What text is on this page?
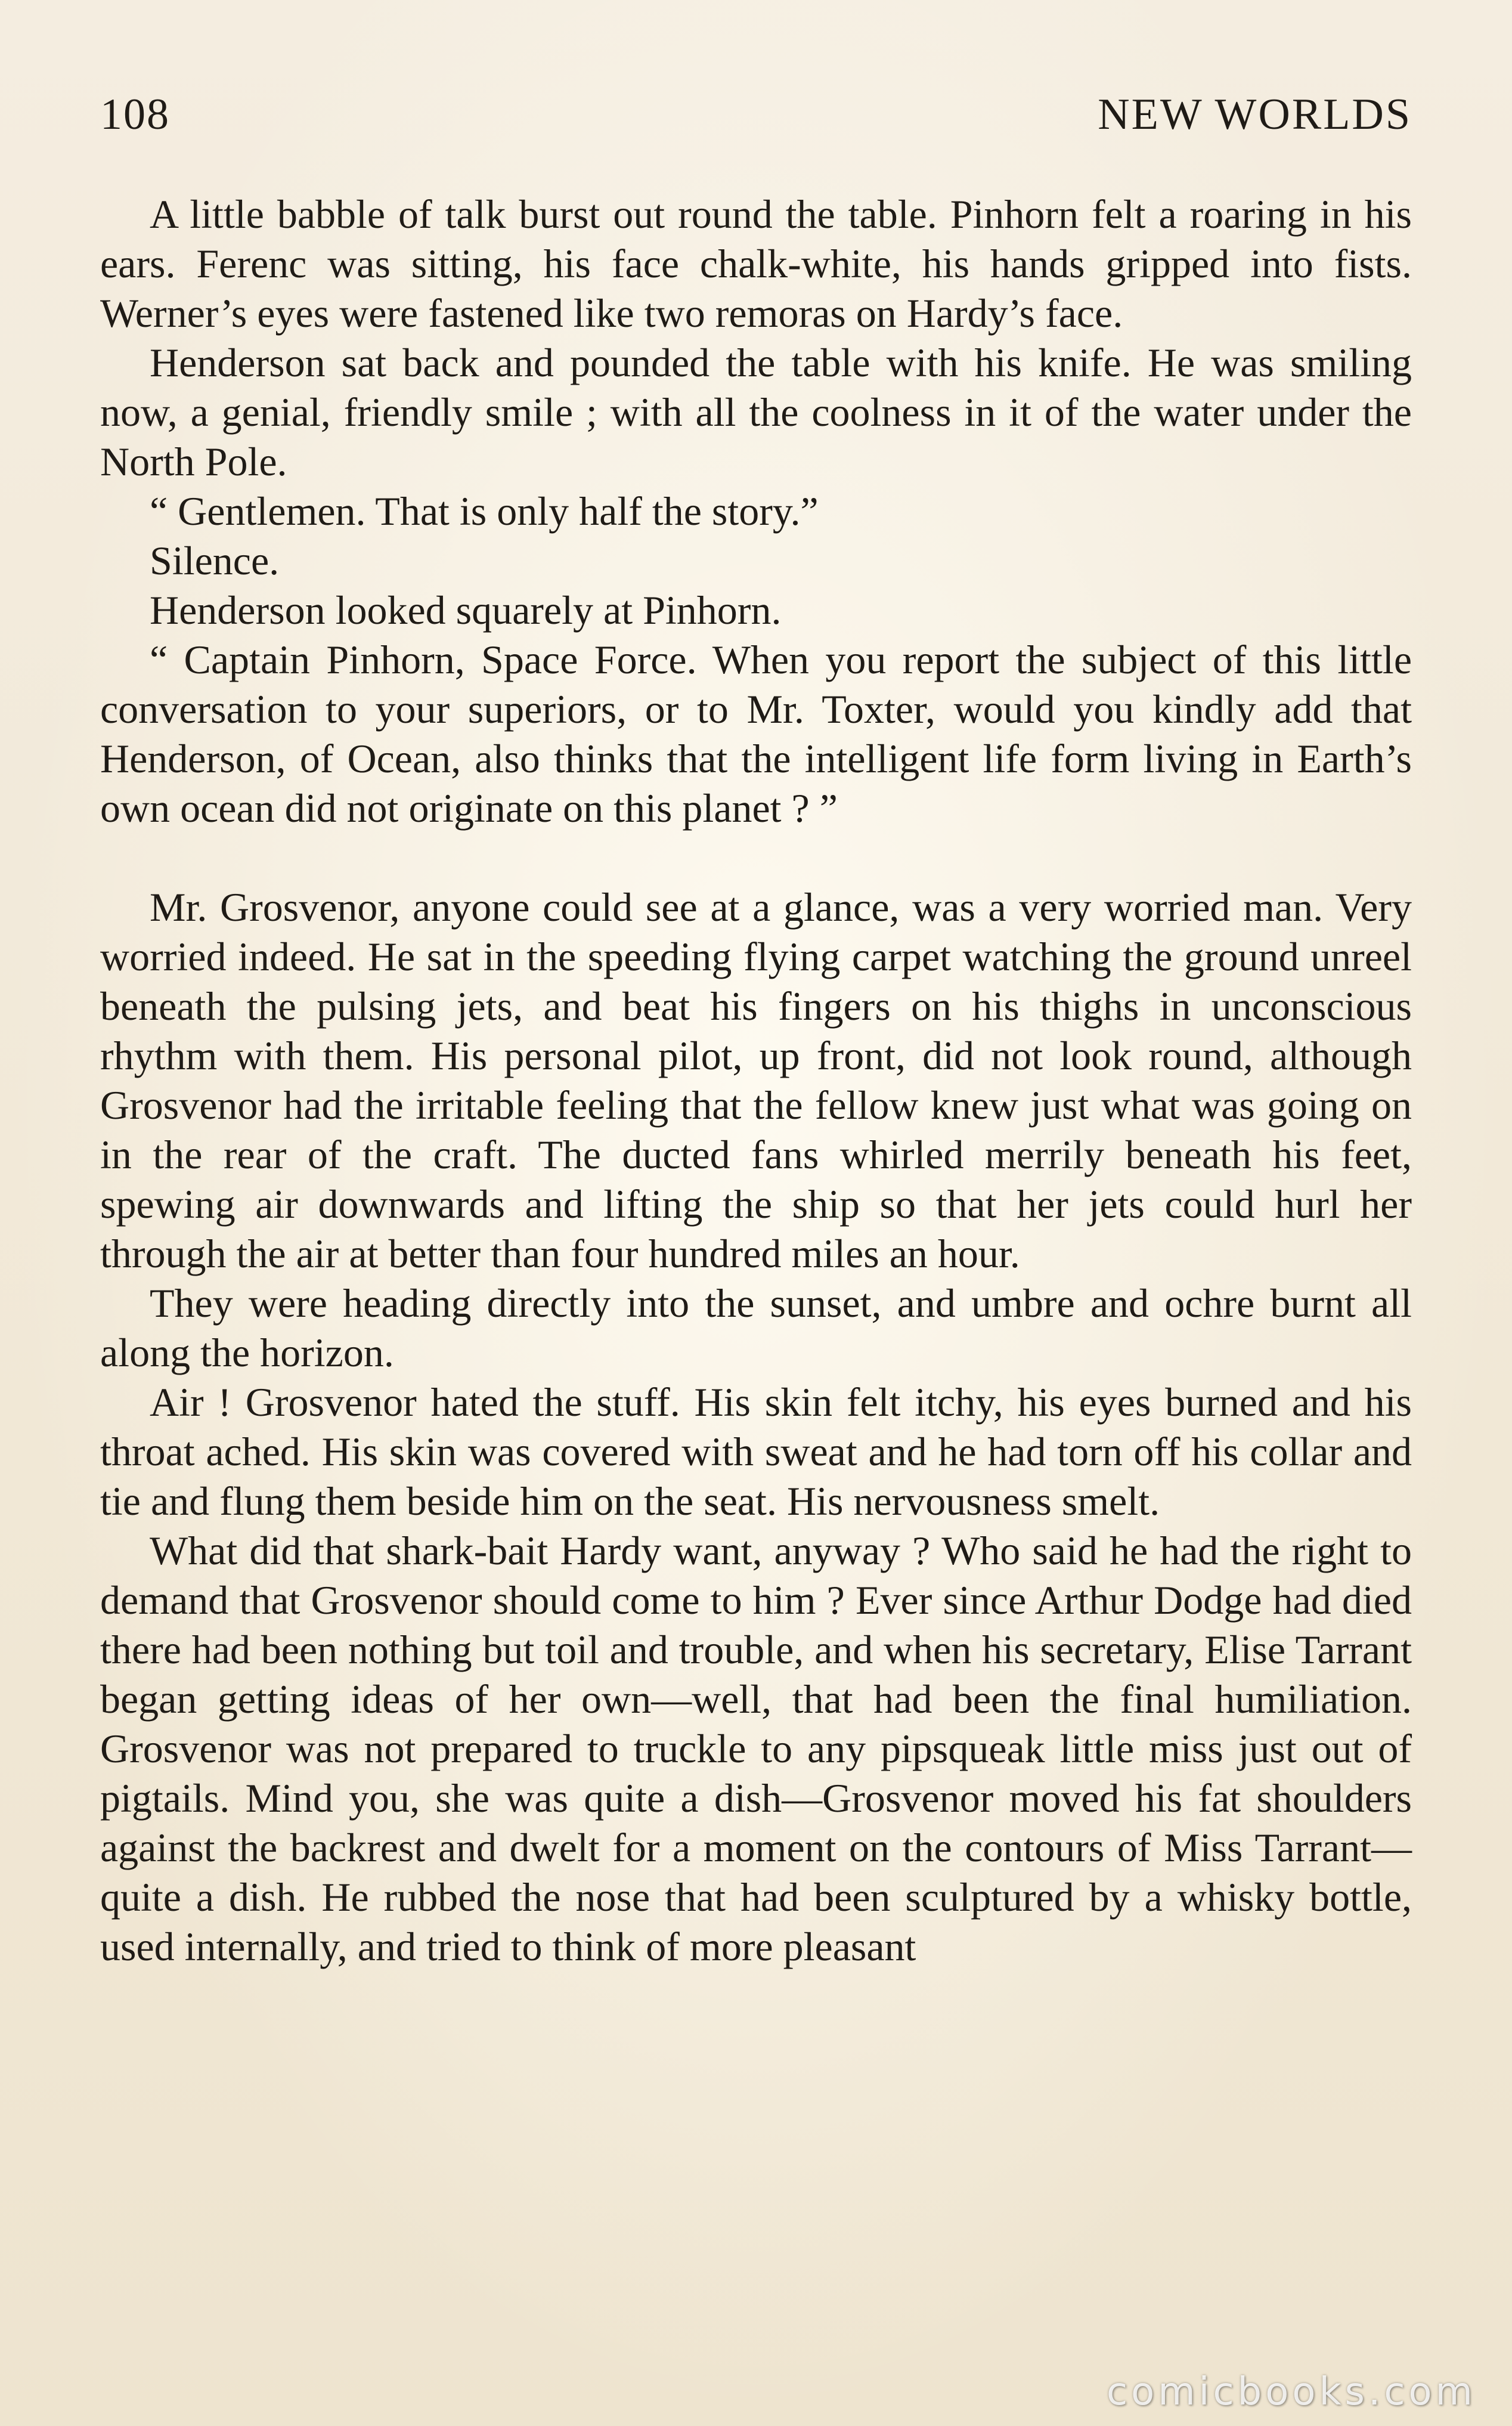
108	NEW WORLDS

A little babble of talk burst out round the table. Pinhorn felt a roaring in his ears. Ferenc was sitting, his face chalk-white, his hands gripped into fists. Werner’s eyes were fastened like two remoras on Hardy’s face.

Henderson sat back and pounded the table with his knife. He was smiling now, a genial, friendly smile ; with all the coolness in it of the water under the North Pole.

“ Gentlemen. That is only half the story.”

Silence.

Henderson looked squarely at Pinhorn.

“ Captain Pinhorn, Space Force. When you report the subject of this little conversation to your superiors, or to Mr. Toxter, would you kindly add that Henderson, of Ocean, also thinks that the intelligent life form living in Earth’s own ocean did not originate on this planet ? ”

Mr. Grosvenor, anyone could see at a glance, was a very worried man. Very worried indeed. He sat in the speeding flying carpet watching the ground unreel beneath the pulsing jets, and beat his fingers on his thighs in unconscious rhythm with them. His personal pilot, up front, did not look round, although Grosvenor had the irritable feeling that the fellow knew just what was going on in the rear of the craft. The ducted fans whirled merrily beneath his feet, spewing air downwards and lifting the ship so that her jets could hurl her through the air at better than four hundred miles an hour.

They were heading directly into the sunset, and umbre and ochre burnt all along the horizon.

Air ! Grosvenor hated the stuff. His skin felt itchy, his eyes burned and his throat ached. His skin was covered with sweat and he had torn off his collar and tie and flung them beside him on the seat. His nervousness smelt.

What did that shark-bait Hardy want, anyway ? Who said he had the right to demand that Grosvenor should come to him ? Ever since Arthur Dodge had died there had been nothing but toil and trouble, and when his secretary, Elise Tarrant began getting ideas of her own—well, that had been the final humiliation. Grosvenor was not prepared to truckle to any pipsqueak little miss just out of pigtails. Mind you, she was quite a dish—Grosvenor moved his fat shoulders against the backrest and dwelt for a moment on the contours of Miss Tarrant—quite a dish. He rubbed the nose that had been sculptured by a whisky bottle, used internally, and tried to think of more pleasant

comicbooks.com
